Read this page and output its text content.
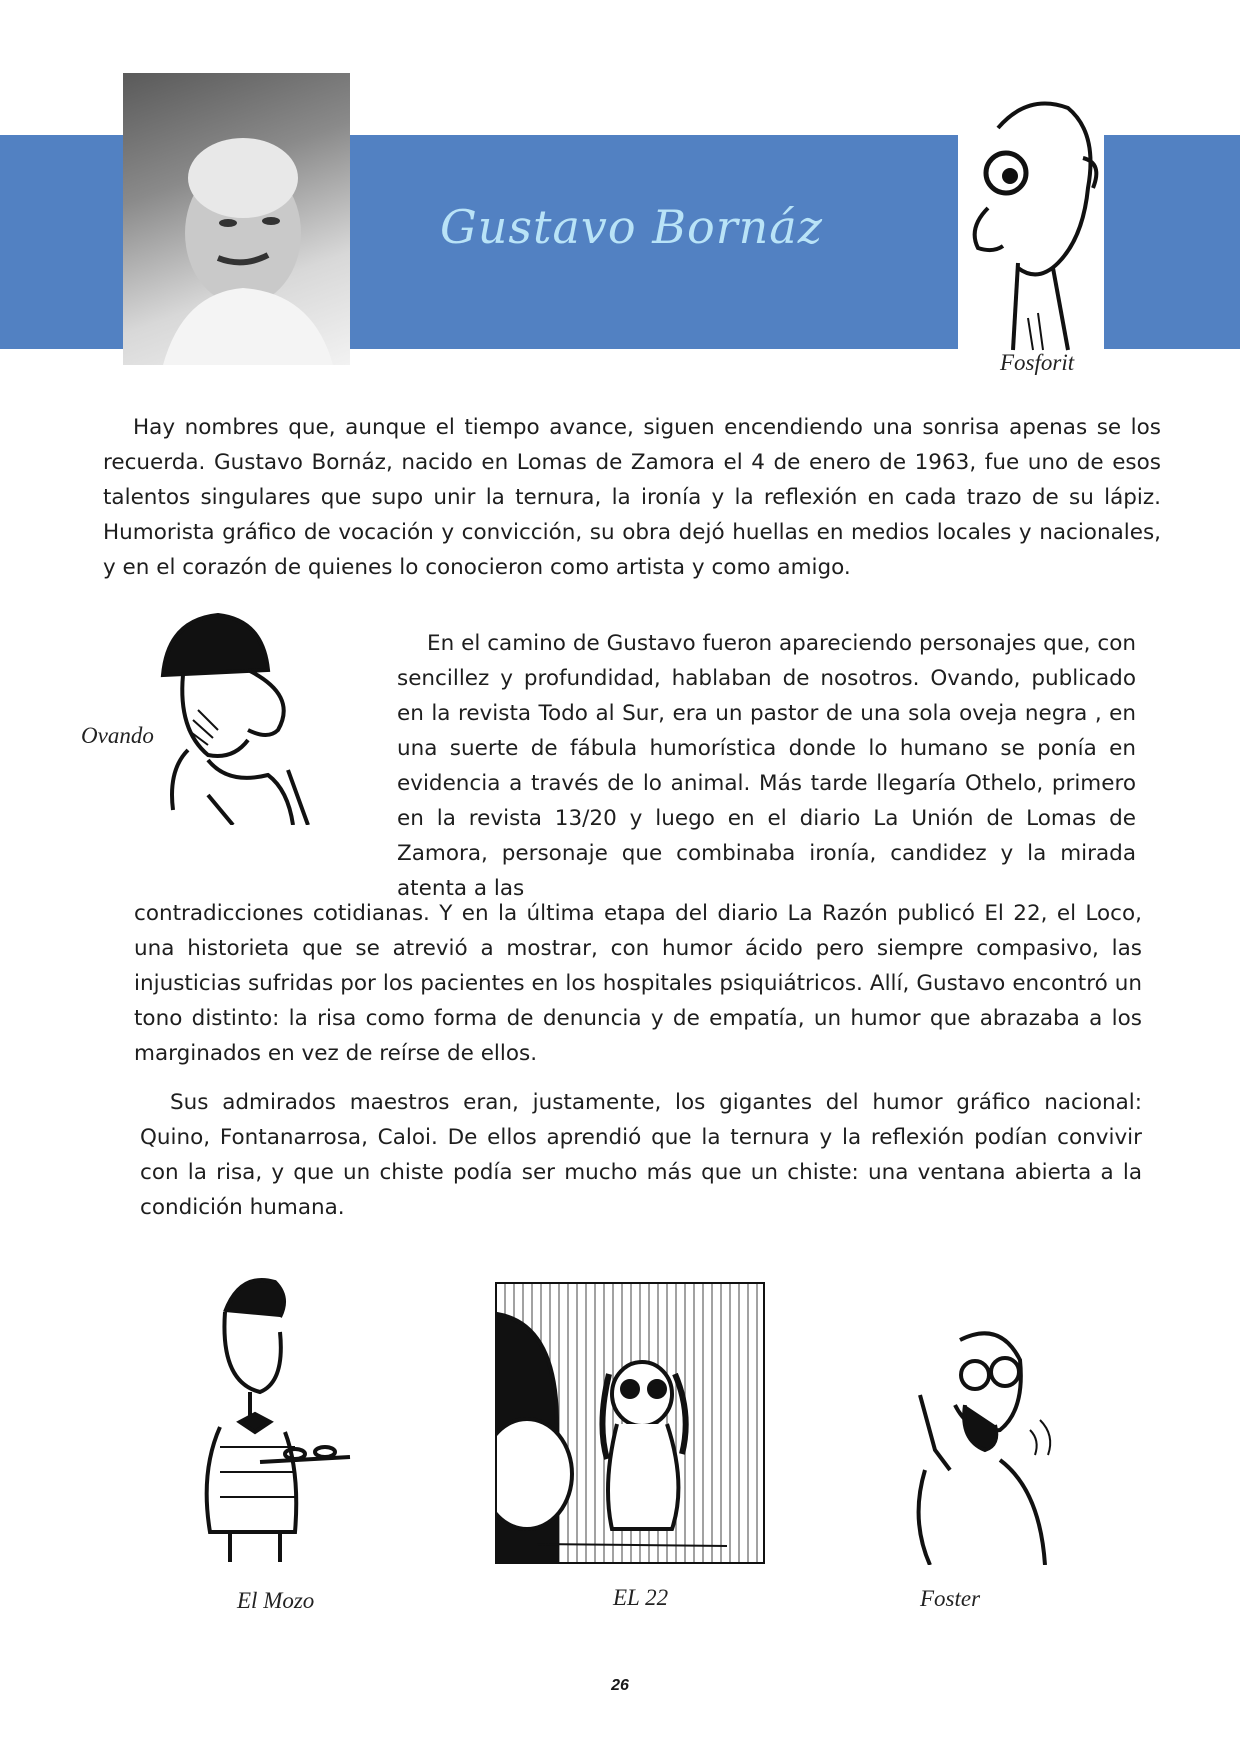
Gustavo Bornáz
Fosforit

Hay nombres que, aunque el tiempo avance, siguen encendiendo una sonrisa apenas se los recuerda. Gustavo Bornáz, nacido en Lomas de Zamora el 4 de enero de 1963, fue uno de esos talentos singulares que supo unir la ternura, la ironía y la reflexión en cada trazo de su lápiz. Humorista gráfico de vocación y convicción, su obra dejó huellas en medios locales y nacionales, y en el corazón de quienes lo conocieron como artista y como amigo.

Ovando

En el camino de Gustavo fueron apareciendo personajes que, con sencillez y profundidad, hablaban de nosotros. Ovando, publicado en la revista Todo al Sur, era un pastor de una sola oveja negra , en una suerte de fábula humorística donde lo humano se ponía en evidencia a través de lo animal. Más tarde llegaría Othelo, primero en la revista 13/20 y luego en el diario La Unión de Lomas de Zamora, personaje que combinaba ironía, candidez y la mirada atenta a las

contradicciones cotidianas. Y en la última etapa del diario La Razón publicó El 22, el Loco, una historieta que se atrevió a mostrar, con humor ácido pero siempre compasivo, las injusticias sufridas por los pacientes en los hospitales psiquiátricos. Allí, Gustavo encontró un tono distinto: la risa como forma de denuncia y de empatía, un humor que abrazaba a los marginados en vez de reírse de ellos.

Sus admirados maestros eran, justamente, los gigantes del humor gráfico nacional: Quino, Fontanarrosa, Caloi. De ellos aprendió que la ternura y la reflexión podían convivir con la risa, y que un chiste podía ser mucho más que un chiste: una ventana abierta a la condición humana.

El Mozo	EL 22	Foster
26
